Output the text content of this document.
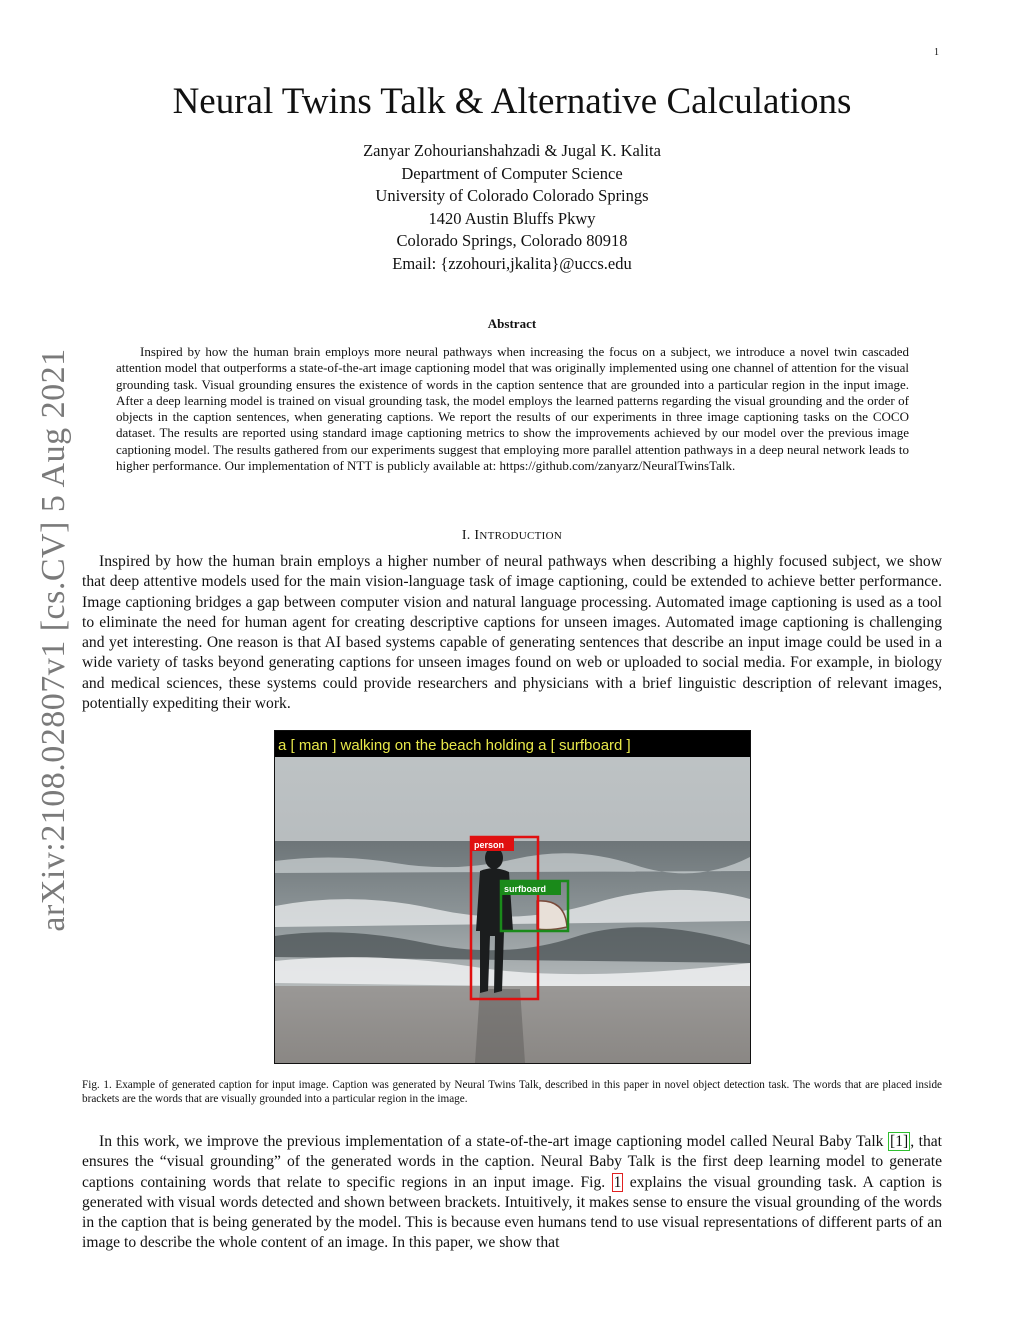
1
arXiv:2108.02807v1 [cs.CV] 5 Aug 2021
Neural Twins Talk & Alternative Calculations
Zanyar Zohourianshahzadi & Jugal K. Kalita
Department of Computer Science
University of Colorado Colorado Springs
1420 Austin Bluffs Pkwy
Colorado Springs, Colorado 80918
Email: {zzohouri,jkalita}@uccs.edu
Abstract
Inspired by how the human brain employs more neural pathways when increasing the focus on a subject, we introduce a novel twin cascaded attention model that outperforms a state-of-the-art image captioning model that was originally implemented using one channel of attention for the visual grounding task. Visual grounding ensures the existence of words in the caption sentence that are grounded into a particular region in the input image. After a deep learning model is trained on visual grounding task, the model employs the learned patterns regarding the visual grounding and the order of objects in the caption sentences, when generating captions. We report the results of our experiments in three image captioning tasks on the COCO dataset. The results are reported using standard image captioning metrics to show the improvements achieved by our model over the previous image captioning model. The results gathered from our experiments suggest that employing more parallel attention pathways in a deep neural network leads to higher performance. Our implementation of NTT is publicly available at: https://github.com/zanyarz/NeuralTwinsTalk.
I. INTRODUCTION
Inspired by how the human brain employs a higher number of neural pathways when describing a highly focused subject, we show that deep attentive models used for the main vision-language task of image captioning, could be extended to achieve better performance. Image captioning bridges a gap between computer vision and natural language processing. Automated image captioning is used as a tool to eliminate the need for human agent for creating descriptive captions for unseen images. Automated image captioning is challenging and yet interesting. One reason is that AI based systems capable of generating sentences that describe an input image could be used in a wide variety of tasks beyond generating captions for unseen images found on web or uploaded to social media. For example, in biology and medical sciences, these systems could provide researchers and physicians with a brief linguistic description of relevant images, potentially expediting their work.
a [ man ] walking on the beach holding a [ surfboard ]
person
surfboard
Fig. 1. Example of generated caption for input image. Caption was generated by Neural Twins Talk, described in this paper in novel object detection task. The words that are placed inside brackets are the words that are visually grounded into a particular region in the image.
In this work, we improve the previous implementation of a state-of-the-art image captioning model called Neural Baby Talk [1] , that ensures the “visual grounding” of the generated words in the caption. Neural Baby Talk is the first deep learning model to generate captions containing words that relate to specific regions in an input image. Fig. 1 explains the visual grounding task. A caption is generated with visual words detected and shown between brackets. Intuitively, it makes sense to ensure the visual grounding of the words in the caption that is being generated by the model. This is because even humans tend to use visual representations of different parts of an image to describe the whole content of an image. In this paper, we show that
